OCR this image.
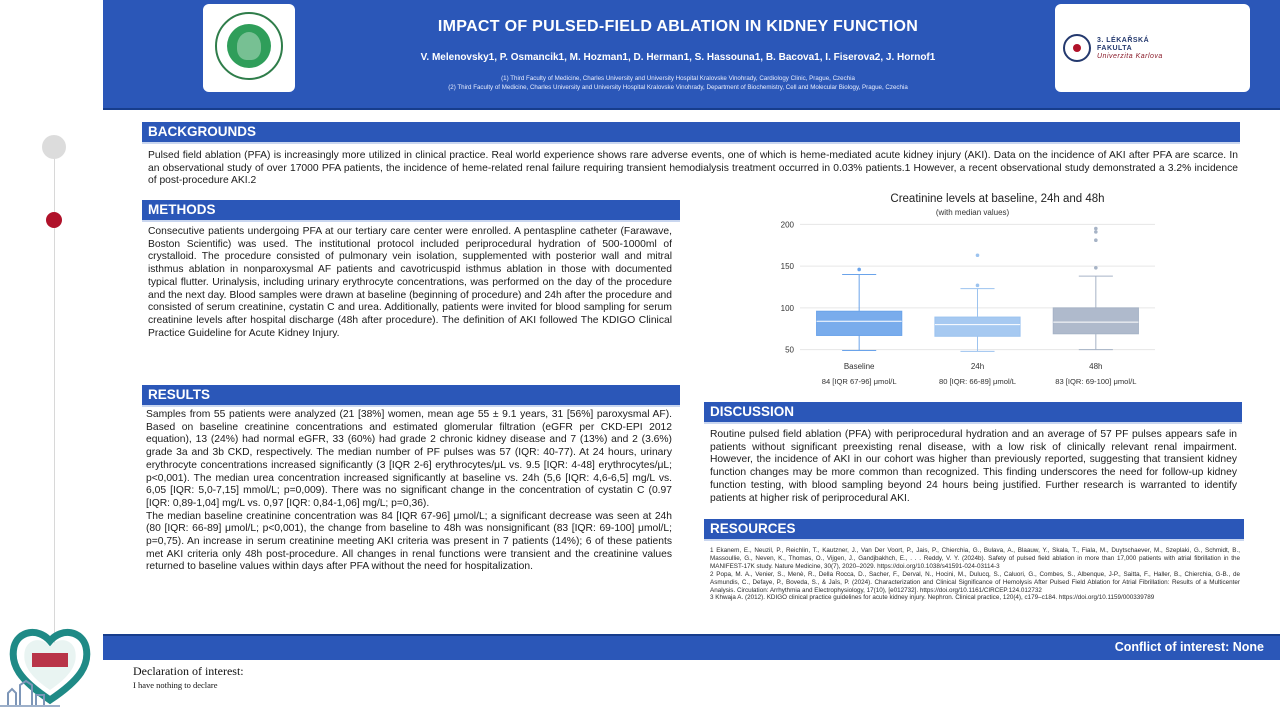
IMPACT OF PULSED-FIELD ABLATION IN KIDNEY FUNCTION
V. Melenovsky1, P. Osmancik1, M. Hozman1, D. Herman1, S. Hassouna1, B. Bacova1, I. Fiserova2, J. Hornof1
(1) Third Faculty of Medicine, Charles University and University Hospital Kralovske Vinohrady, Cardiology Clinic, Prague, Czechia
(2) Third Faculty of Medicine, Charles University and University Hospital Kralovske Vinohrady, Department of Biochemistry, Cell and Molecular Biology, Prague, Czechia
3. LÉKAŘSKÁ
FAKULTA
Univerzita Karlova
BACKGROUNDS
Pulsed field ablation (PFA) is increasingly more utilized in clinical practice. Real world experience shows rare adverse events, one of which is heme-mediated acute kidney injury (AKI). Data on the incidence of AKI after PFA are scarce. In an observational study of over 17000 PFA patients, the incidence of heme-related renal failure requiring transient hemodialysis treatment occurred in 0.03% patients.1 However, a recent observational study demonstrated a 3.2% incidence of post-procedure AKI.2
METHODS
Consecutive patients undergoing PFA at our tertiary care center were enrolled. A pentaspline catheter (Farawave, Boston Scientific) was used. The institutional protocol included periprocedural hydration of 500-1000ml of crystalloid. The procedure consisted of pulmonary vein isolation, supplemented with posterior wall and mitral isthmus ablation in nonparoxysmal AF patients and cavotricuspid isthmus ablation in those with documented typical flutter. Urinalysis, including urinary erythrocyte concentrations, was performed on the day of the procedure and the next day. Blood samples were drawn at baseline (beginning of procedure) and 24h after the procedure and consisted of serum creatinine, cystatin C and urea. Additionally, patients were invited for blood sampling for serum creatinine levels after hospital discharge (48h after procedure). The definition of AKI followed The KDIGO Clinical Practice Guideline for Acute Kidney Injury.
RESULTS

Samples from 55 patients were analyzed (21 [38%] women, mean age 55 ± 9.1 years, 31 [56%] paroxysmal AF). Based on baseline creatinine concentrations and estimated glomerular filtration (eGFR per CKD-EPI 2012 equation), 13 (24%) had normal eGFR, 33 (60%) had grade 2 chronic kidney disease and 7 (13%) and 2 (3.6%) grade 3a and 3b CKD, respectively. The median number of PF pulses was 57 (IQR: 40-77). At 24 hours, urinary erythrocyte concentrations increased significantly (3 [IQR 2-6] erythrocytes/μL vs. 9.5 [IQR: 4-48] erythrocytes/μL; p<0,001). The median urea concentration increased significantly at baseline vs. 24h (5,6 [IQR: 4,6-6,5] mg/L vs. 6,05 [IQR: 5,0-7,15] mmol/L; p=0,009). There was no significant change in the concentration of cystatin C (0.97 [IQR: 0,89-1,04] mg/L vs. 0,97 [IQR: 0,84-1,06] mg/L; p=0,36).

The median baseline creatinine concentration was 84 [IQR 67-96] μmol/L; a significant decrease was seen at 24h (80 [IQR: 66-89] μmol/L; p<0,001), the change from baseline to 48h was nonsignificant (83 [IQR: 69-100] μmol/L; p=0,75). An increase in serum creatinine meeting AKI criteria was present in 7 patients (14%); 6 of these patients met AKI criteria only 48h post-procedure. All changes in renal functions were transient and the creatinine values returned to baseline values within days after PFA without the need for hospitalization.

Creatinine levels at baseline, 24h and 48h
(with median values)
50
100
150
200
Baseline
84 [IQR 67-96] μmol/L
24h
80 [IQR: 66-89] μmol/L
48h
83 [IQR: 69-100] μmol/L
DISCUSSION
Routine pulsed field ablation (PFA) with periprocedural hydration and an average of 57 PF pulses appears safe in patients without significant preexisting renal disease, with a low risk of clinically relevant renal impairment. However, the incidence of AKI in our cohort was higher than previously reported, suggesting that transient kidney function changes may be more common than recognized. This finding underscores the need for follow-up kidney function testing, with blood sampling beyond 24 hours being justified. Further research is warranted to identify patients at higher risk of periprocedural AKI.
RESOURCES

1 Ekanem, E., Neuzil, P., Reichlin, T., Kautzner, J., Van Der Voort, P., Jais, P., Chierchia, G., Bulava, A., Blaauw, Y., Skala, T., Fiala, M., Duytschaever, M., Szeplaki, G., Schmidt, B., Massoullie, G., Neven, K., Thomas, O., Vijgen, J., Gandjbakhch, E., . . . Reddy, V. Y. (2024b). Safety of pulsed field ablation in more than 17,000 patients with atrial fibrillation in the MANIFEST-17K study. Nature Medicine, 30(7), 2020–2029. https://doi.org/10.1038/s41591-024-03114-3

2 Popa, M. A., Venier, S., Menè, R., Della Rocca, D., Sacher, F., Derval, N., Hocini, M., Dulucq, S., Caluori, G., Combes, S., Albenque, J-P., Saitta, F., Haller, B., Chierchia, G-B., de Asmundis, C., Defaye, P., Boveda, S., & Jaïs, P. (2024). Characterization and Clinical Significance of Hemolysis After Pulsed Field Ablation for Atrial Fibrillation: Results of a Multicenter Analysis. Circulation: Arrhythmia and Electrophysiology, 17(10), [e012732]. https://doi.org/10.1161/CIRCEP.124.012732

3 Khwaja A. (2012). KDIGO clinical practice guidelines for acute kidney injury. Nephron. Clinical practice, 120(4), c179–c184. https://doi.org/10.1159/000339789

Conflict of interest: None
Declaration of interest:
I have nothing to declare
